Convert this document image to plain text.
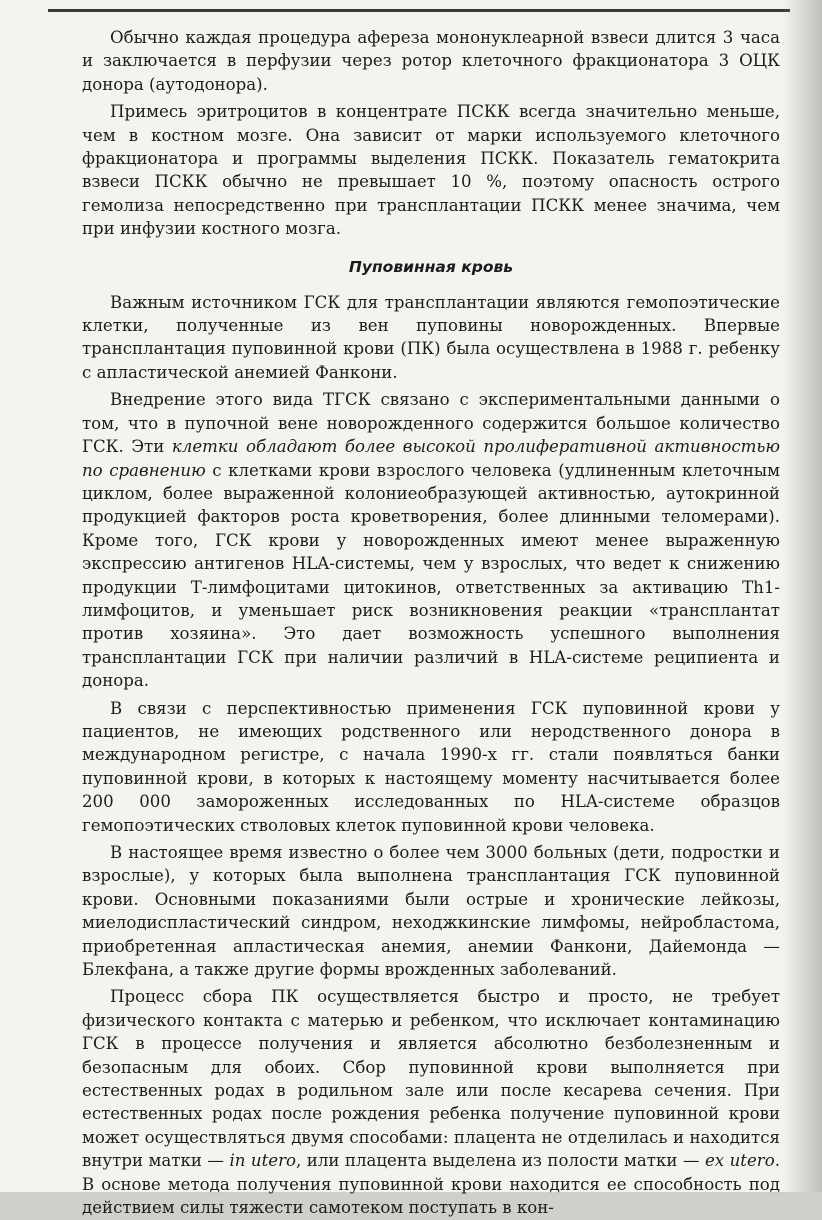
Обычно каждая процедура афереза мононуклеарной взвеси длится 3 часа и заключается в перфузии через ротор клеточного фракционатора 3 ОЦК донора (аутодонора).

Примесь эритроцитов в концентрате ПСКК всегда значительно меньше, чем в костном мозге. Она зависит от марки используемого клеточного фракционатора и программы выделения ПСКК. Показатель гематокрита взвеси ПСКК обычно не превышает 10 %, поэтому опасность острого гемолиза непосредственно при трансплантации ПСКК менее значима, чем при инфузии костного мозга.

Пуповинная кровь

Важным источником ГСК для трансплантации являются гемопоэтические клетки, полученные из вен пуповины новорожденных. Впервые трансплантация пуповинной крови (ПК) была осуществлена в 1988 г. ребенку с апластической анемией Фанкони.

Внедрение этого вида ТГСК связано с экспериментальными данными о том, что в пупочной вене новорожденного содержится большое количество ГСК. Эти клетки обладают более высокой пролиферативной активностью по сравнению с клетками крови взрослого человека (удлиненным клеточным циклом, более выраженной колониеобразующей активностью, аутокринной продукцией факторов роста кроветворения, более длинными теломерами). Кроме того, ГСК крови у новорожденных имеют менее выраженную экспрессию антигенов HLA-системы, чем у взрослых, что ведет к снижению продукции Т-лимфоцитами цитокинов, ответственных за активацию Th1-лимфоцитов, и уменьшает риск возникновения реакции «трансплантат против хозяина». Это дает возможность успешного выполнения трансплантации ГСК при наличии различий в HLA-системе реципиента и донора.

В связи с перспективностью применения ГСК пуповинной крови у пациентов, не имеющих родственного или неродственного донора в международном регистре, с начала 1990-х гг. стали появляться банки пуповинной крови, в которых к настоящему моменту насчитывается более 200 000 замороженных исследованных по HLA-системе образцов гемопоэтических стволовых клеток пуповинной крови человека.

В настоящее время известно о более чем 3000 больных (дети, подростки и взрослые), у которых была выполнена трансплантация ГСК пуповинной крови. Основными показаниями были острые и хронические лейкозы, миелодиспластический синдром, неходжкинские лимфомы, нейробластома, приобретенная апластическая анемия, анемии Фанкони, Дайемонда — Блекфана, а также другие формы врожденных заболеваний.

Процесс сбора ПК осуществляется быстро и просто, не требует физического контакта с матерью и ребенком, что исключает контаминацию ГСК в процессе получения и является абсолютно безболезненным и безопасным для обоих. Сбор пуповинной крови выполняется при естественных родах в родильном зале или после кесарева сечения. При естественных родах после рождения ребенка получение пуповинной крови может осуществляться двумя способами: плацента не отделилась и находится внутри матки — in utero, или плацента выделена из полости матки — ex utero. В основе метода получения пуповинной крови находится ее способность под действием силы тяжести самотеком поступать в кон-
